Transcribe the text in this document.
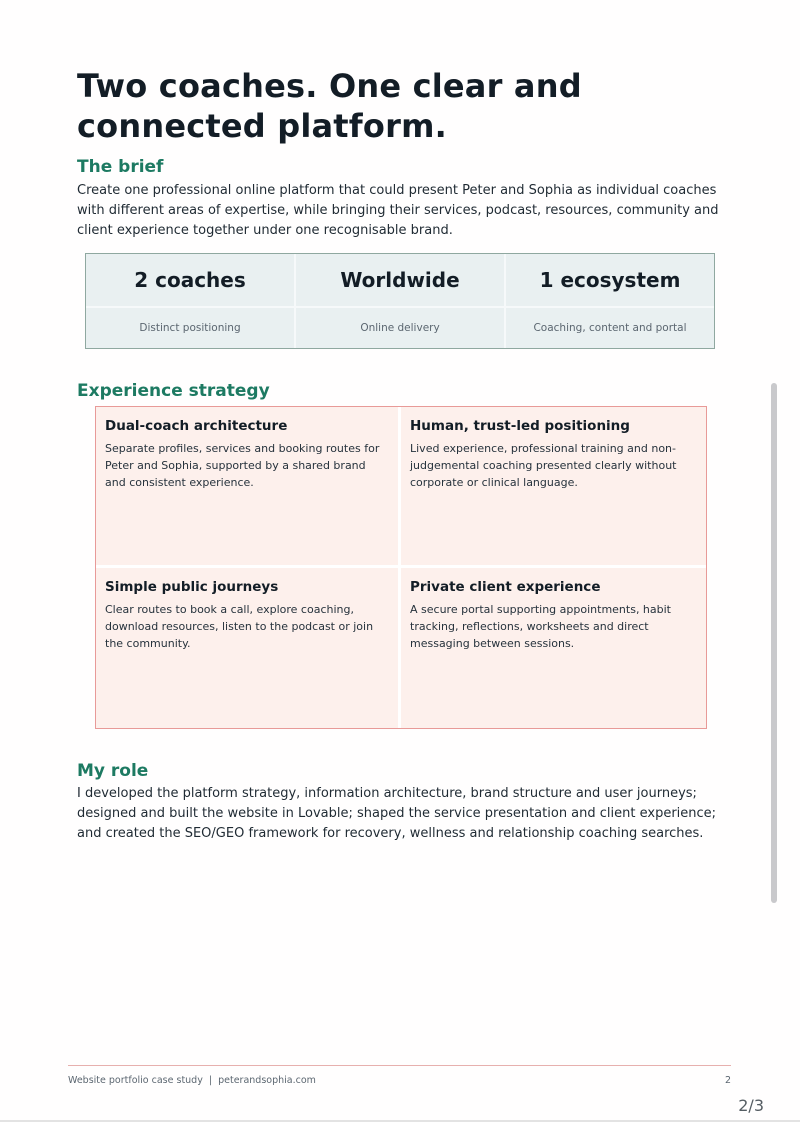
Two coaches. One clear and connected platform.
The brief

Create one professional online platform that could present Peter and Sophia as individual coaches with different areas of expertise, while bringing their services, podcast, resources, community and client experience together under one recognisable brand.

2 coaches
Distinct positioning
Worldwide
Online delivery
1 ecosystem
Coaching, content and portal
Experience strategy
Dual-coach architecture

Separate profiles, services and booking routes for Peter and Sophia, supported by a shared brand and consistent experience.

Human, trust-led positioning

Lived experience, professional training and non-judgemental coaching presented clearly without corporate or clinical language.

Simple public journeys

Clear routes to book a call, explore coaching, download resources, listen to the podcast or join the community.

Private client experience

A secure portal supporting appointments, habit tracking, reflections, worksheets and direct messaging between sessions.

My role

I developed the platform strategy, information architecture, brand structure and user journeys; designed and built the website in Lovable; shaped the service presentation and client experience; and created the SEO/GEO framework for recovery, wellness and relationship coaching searches.

Website portfolio case study  |  peterandsophia.com	2
2/3
